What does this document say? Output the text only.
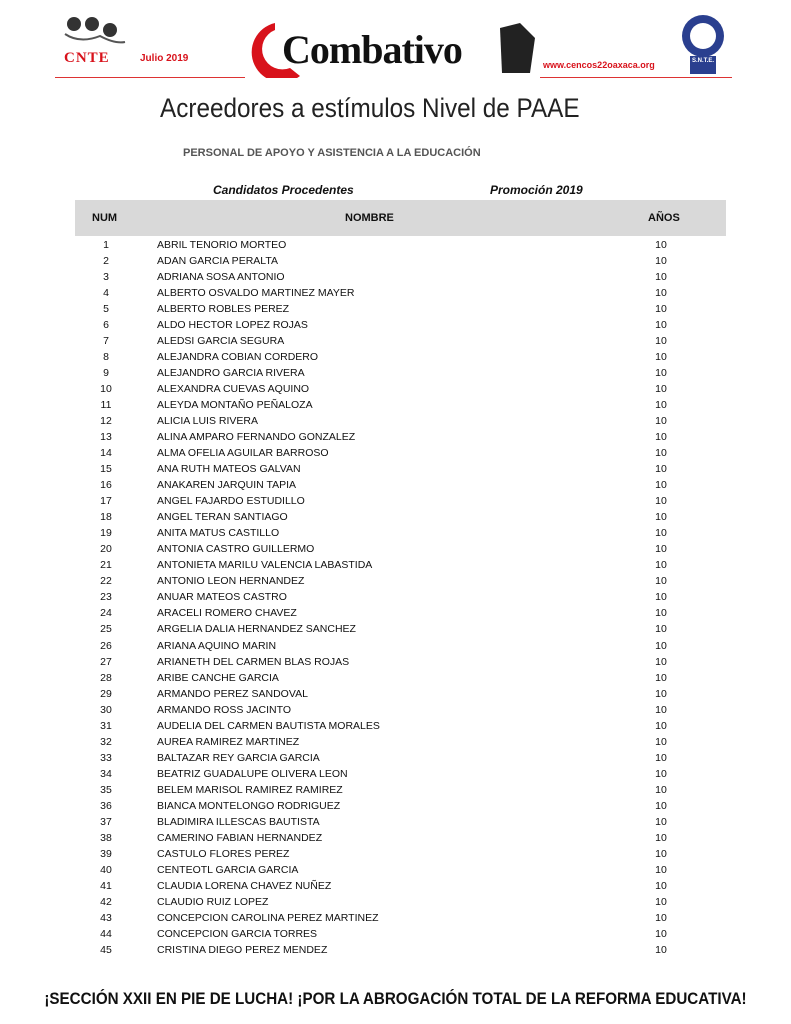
CNTE	Julio 2019 Combativo	www.cencos22oaxaca.org	S.N.T.E.
Acreedores a estímulos Nivel de PAAE
PERSONAL DE APOYO Y ASISTENCIA A LA EDUCACIÓN
Candidatos Procedentes	Promoción 2019
NUM	NOMBRE	AÑOS
1	ABRIL TENORIO MORTEO	10
2	ADAN GARCIA PERALTA	10
3	ADRIANA SOSA ANTONIO	10
4	ALBERTO OSVALDO MARTINEZ MAYER	10
5	ALBERTO ROBLES PEREZ	10
6	ALDO HECTOR LOPEZ ROJAS	10
7	ALEDSI GARCIA SEGURA	10
8	ALEJANDRA COBIAN CORDERO	10
9	ALEJANDRO GARCIA RIVERA	10
10	ALEXANDRA CUEVAS AQUINO	10
11	ALEYDA MONTAÑO PEÑALOZA	10
12	ALICIA LUIS RIVERA	10
13	ALINA AMPARO FERNANDO GONZALEZ	10
14	ALMA OFELIA AGUILAR BARROSO	10
15	ANA RUTH MATEOS GALVAN	10
16	ANAKAREN JARQUIN TAPIA	10
17	ANGEL FAJARDO ESTUDILLO	10
18	ANGEL TERAN SANTIAGO	10
19	ANITA MATUS CASTILLO	10
20	ANTONIA CASTRO GUILLERMO	10
21	ANTONIETA MARILU VALENCIA LABASTIDA	10
22	ANTONIO LEON HERNANDEZ	10
23	ANUAR MATEOS CASTRO	10
24	ARACELI ROMERO CHAVEZ	10
25	ARGELIA DALIA HERNANDEZ SANCHEZ	10
26	ARIANA AQUINO MARIN	10
27	ARIANETH DEL CARMEN BLAS ROJAS	10
28	ARIBE CANCHE GARCIA	10
29	ARMANDO PEREZ SANDOVAL	10
30	ARMANDO ROSS JACINTO	10
31	AUDELIA DEL CARMEN BAUTISTA MORALES	10
32	AUREA RAMIREZ MARTINEZ	10
33	BALTAZAR REY GARCIA GARCIA	10
34	BEATRIZ GUADALUPE OLIVERA LEON	10
35	BELEM MARISOL RAMIREZ RAMIREZ	10
36	BIANCA MONTELONGO RODRIGUEZ	10
37	BLADIMIRA ILLESCAS BAUTISTA	10
38	CAMERINO FABIAN HERNANDEZ	10
39	CASTULO FLORES PEREZ	10
40	CENTEOTL GARCIA GARCIA	10
41	CLAUDIA LORENA CHAVEZ NUÑEZ	10
42	CLAUDIO RUIZ LOPEZ	10
43	CONCEPCION CAROLINA PEREZ MARTINEZ	10
44	CONCEPCION GARCIA TORRES	10
45	CRISTINA DIEGO PEREZ MENDEZ	10
¡SECCIÓN XXII EN PIE DE LUCHA! ¡POR LA ABROGACIÓN TOTAL DE LA REFORMA EDUCATIVA!
